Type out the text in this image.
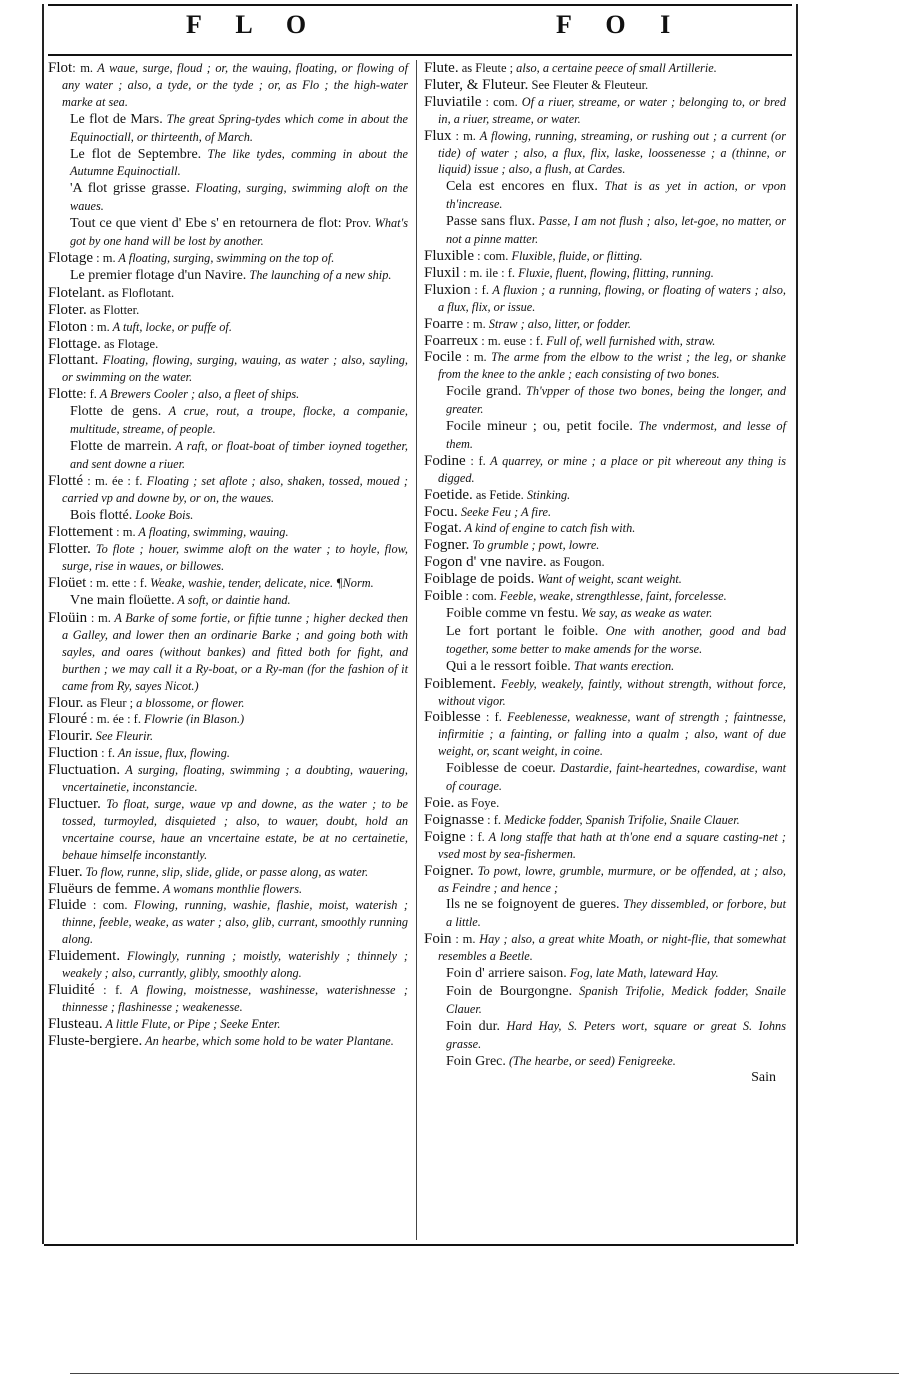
F L O	F O I

Flot: m. A waue, surge, floud ; or, the wauing, floating, or flowing of any water ; also, a tyde, or the tyde ; or, as Flo ; the high-water marke at sea.

Le flot de Mars. The great Spring-tydes which come in about the Equinoctiall, or thirteenth, of March.

Le flot de Septembre. The like tydes, comming in about the Autumne Equinoctiall.

'A flot grisse grasse. Floating, surging, swimming aloft on the waues.

Tout ce que vient d' Ebe s' en retournera de flot: Prov. What's got by one hand will be lost by another.

Flotage : m. A floating, surging, swimming on the top of.

Le premier flotage d'un Navire. The launching of a new ship.

Flotelant. as Floflotant.

Floter. as Flotter.

Floton : m. A tuft, locke, or puffe of.

Flottage. as Flotage.

Flottant. Floating, flowing, surging, wauing, as water ; also, sayling, or swimming on the water.

Flotte: f. A Brewers Cooler ; also, a fleet of ships.

Flotte de gens. A crue, rout, a troupe, flocke, a companie, multitude, streame, of people.

Flotte de marrein. A raft, or float-boat of timber ioyned together, and sent downe a riuer.

Flotté : m. ée : f. Floating ; set aflote ; also, shaken, tossed, moued ; carried vp and downe by, or on, the waues.

Bois flotté. Looke Bois.

Flottement : m. A floating, swimming, wauing.

Flotter. To flote ; houer, swimme aloft on the water ; to hoyle, flow, surge, rise in waues, or billowes.

Floüet : m. ette : f. Weake, washie, tender, delicate, nice. ¶Norm.

Vne main floüette. A soft, or daintie hand.

Floüin : m. A Barke of some fortie, or fiftie tunne ; higher decked then a Galley, and lower then an ordinarie Barke ; and going both with sayles, and oares (without bankes) and fitted both for fight, and burthen ; we may call it a Ry-boat, or a Ry-man (for the fashion of it came from Ry, sayes Nicot.)

Flour. as Fleur ; a blossome, or flower.

Flouré : m. ée : f. Flowrie (in Blason.)

Flourir. See Fleurir.

Fluction : f. An issue, flux, flowing.

Fluctuation. A surging, floating, swimming ; a doubting, wauering, vncertainetie, inconstancie.

Fluctuer. To float, surge, waue vp and downe, as the water ; to be tossed, turmoyled, disquieted ; also, to wauer, doubt, hold an vncertaine course, haue an vncertaine estate, be at no certainetie, behaue himselfe inconstantly.

Fluer. To flow, runne, slip, slide, glide, or passe along, as water.

Fluëurs de femme. A womans monthlie flowers.

Fluide : com. Flowing, running, washie, flashie, moist, waterish ; thinne, feeble, weake, as water ; also, glib, currant, smoothly running along.

Fluidement. Flowingly, running ; moistly, waterishly ; thinnely ; weakely ; also, currantly, glibly, smoothly along.

Fluidité : f. A flowing, moistnesse, washinesse, waterishnesse ; thinnesse ; flashinesse ; weakenesse.

Flusteau. A little Flute, or Pipe ; Seeke Enter.

Fluste-bergiere. An hearbe, which some hold to be water Plantane.

Flute. as Fleute ; also, a certaine peece of small Artillerie.

Fluter, & Fluteur. See Fleuter & Fleuteur.

Fluviatile : com. Of a riuer, streame, or water ; belonging to, or bred in, a riuer, streame, or water.

Flux : m. A flowing, running, streaming, or rushing out ; a current (or tide) of water ; also, a flux, flix, laske, loossenesse ; a (thinne, or liquid) issue ; also, a flush, at Cardes.

Cela est encores en flux. That is as yet in action, or vpon th'increase.

Passe sans flux. Passe, I am not flush ; also, let-goe, no matter, or not a pinne matter.

Fluxible : com. Fluxible, fluide, or flitting.

Fluxil : m. ile : f. Fluxie, fluent, flowing, flitting, running.

Fluxion : f. A fluxion ; a running, flowing, or floating of waters ; also, a flux, flix, or issue.

Foarre : m. Straw ; also, litter, or fodder.

Foarreux : m. euse : f. Full of, well furnished with, straw.

Focile : m. The arme from the elbow to the wrist ; the leg, or shanke from the knee to the ankle ; each consisting of two bones.

Focile grand. Th'vpper of those two bones, being the longer, and greater.

Focile mineur ; ou, petit focile. The vndermost, and lesse of them.

Fodine : f. A quarrey, or mine ; a place or pit whereout any thing is digged.

Foetide. as Fetide. Stinking.

Focu. Seeke Feu ; A fire.

Fogat. A kind of engine to catch fish with.

Fogner. To grumble ; powt, lowre.

Fogon d' vne navire. as Fougon.

Foiblage de poids. Want of weight, scant weight.

Foible : com. Feeble, weake, strengthlesse, faint, forcelesse.

Foible comme vn festu. We say, as weake as water.

Le fort portant le foible. One with another, good and bad together, some better to make amends for the worse.

Qui a le ressort foible. That wants erection.

Foiblement. Feebly, weakely, faintly, without strength, without force, without vigor.

Foiblesse : f. Feeblenesse, weaknesse, want of strength ; faintnesse, infirmitie ; a fainting, or falling into a qualm ; also, want of due weight, or, scant weight, in coine.

Foiblesse de coeur. Dastardie, faint-heartednes, cowardise, want of courage.

Foie. as Foye.

Foignasse : f. Medicke fodder, Spanish Trifolie, Snaile Clauer.

Foigne : f. A long staffe that hath at th'one end a square casting-net ; vsed most by sea-fishermen.

Foigner. To powt, lowre, grumble, murmure, or be offended, at ; also, as Feindre ; and hence ;

Ils ne se foignoyent de gueres. They dissembled, or forbore, but a little.

Foin : m. Hay ; also, a great white Moath, or night-flie, that somewhat resembles a Beetle.

Foin d' arriere saison. Fog, late Math, lateward Hay.

Foin de Bourgongne. Spanish Trifolie, Medick fodder, Snaile Clauer.

Foin dur. Hard Hay, S. Peters wort, square or great S. Iohns grasse.

Foin Grec. (The hearbe, or seed) Fenigreeke.

Sain
